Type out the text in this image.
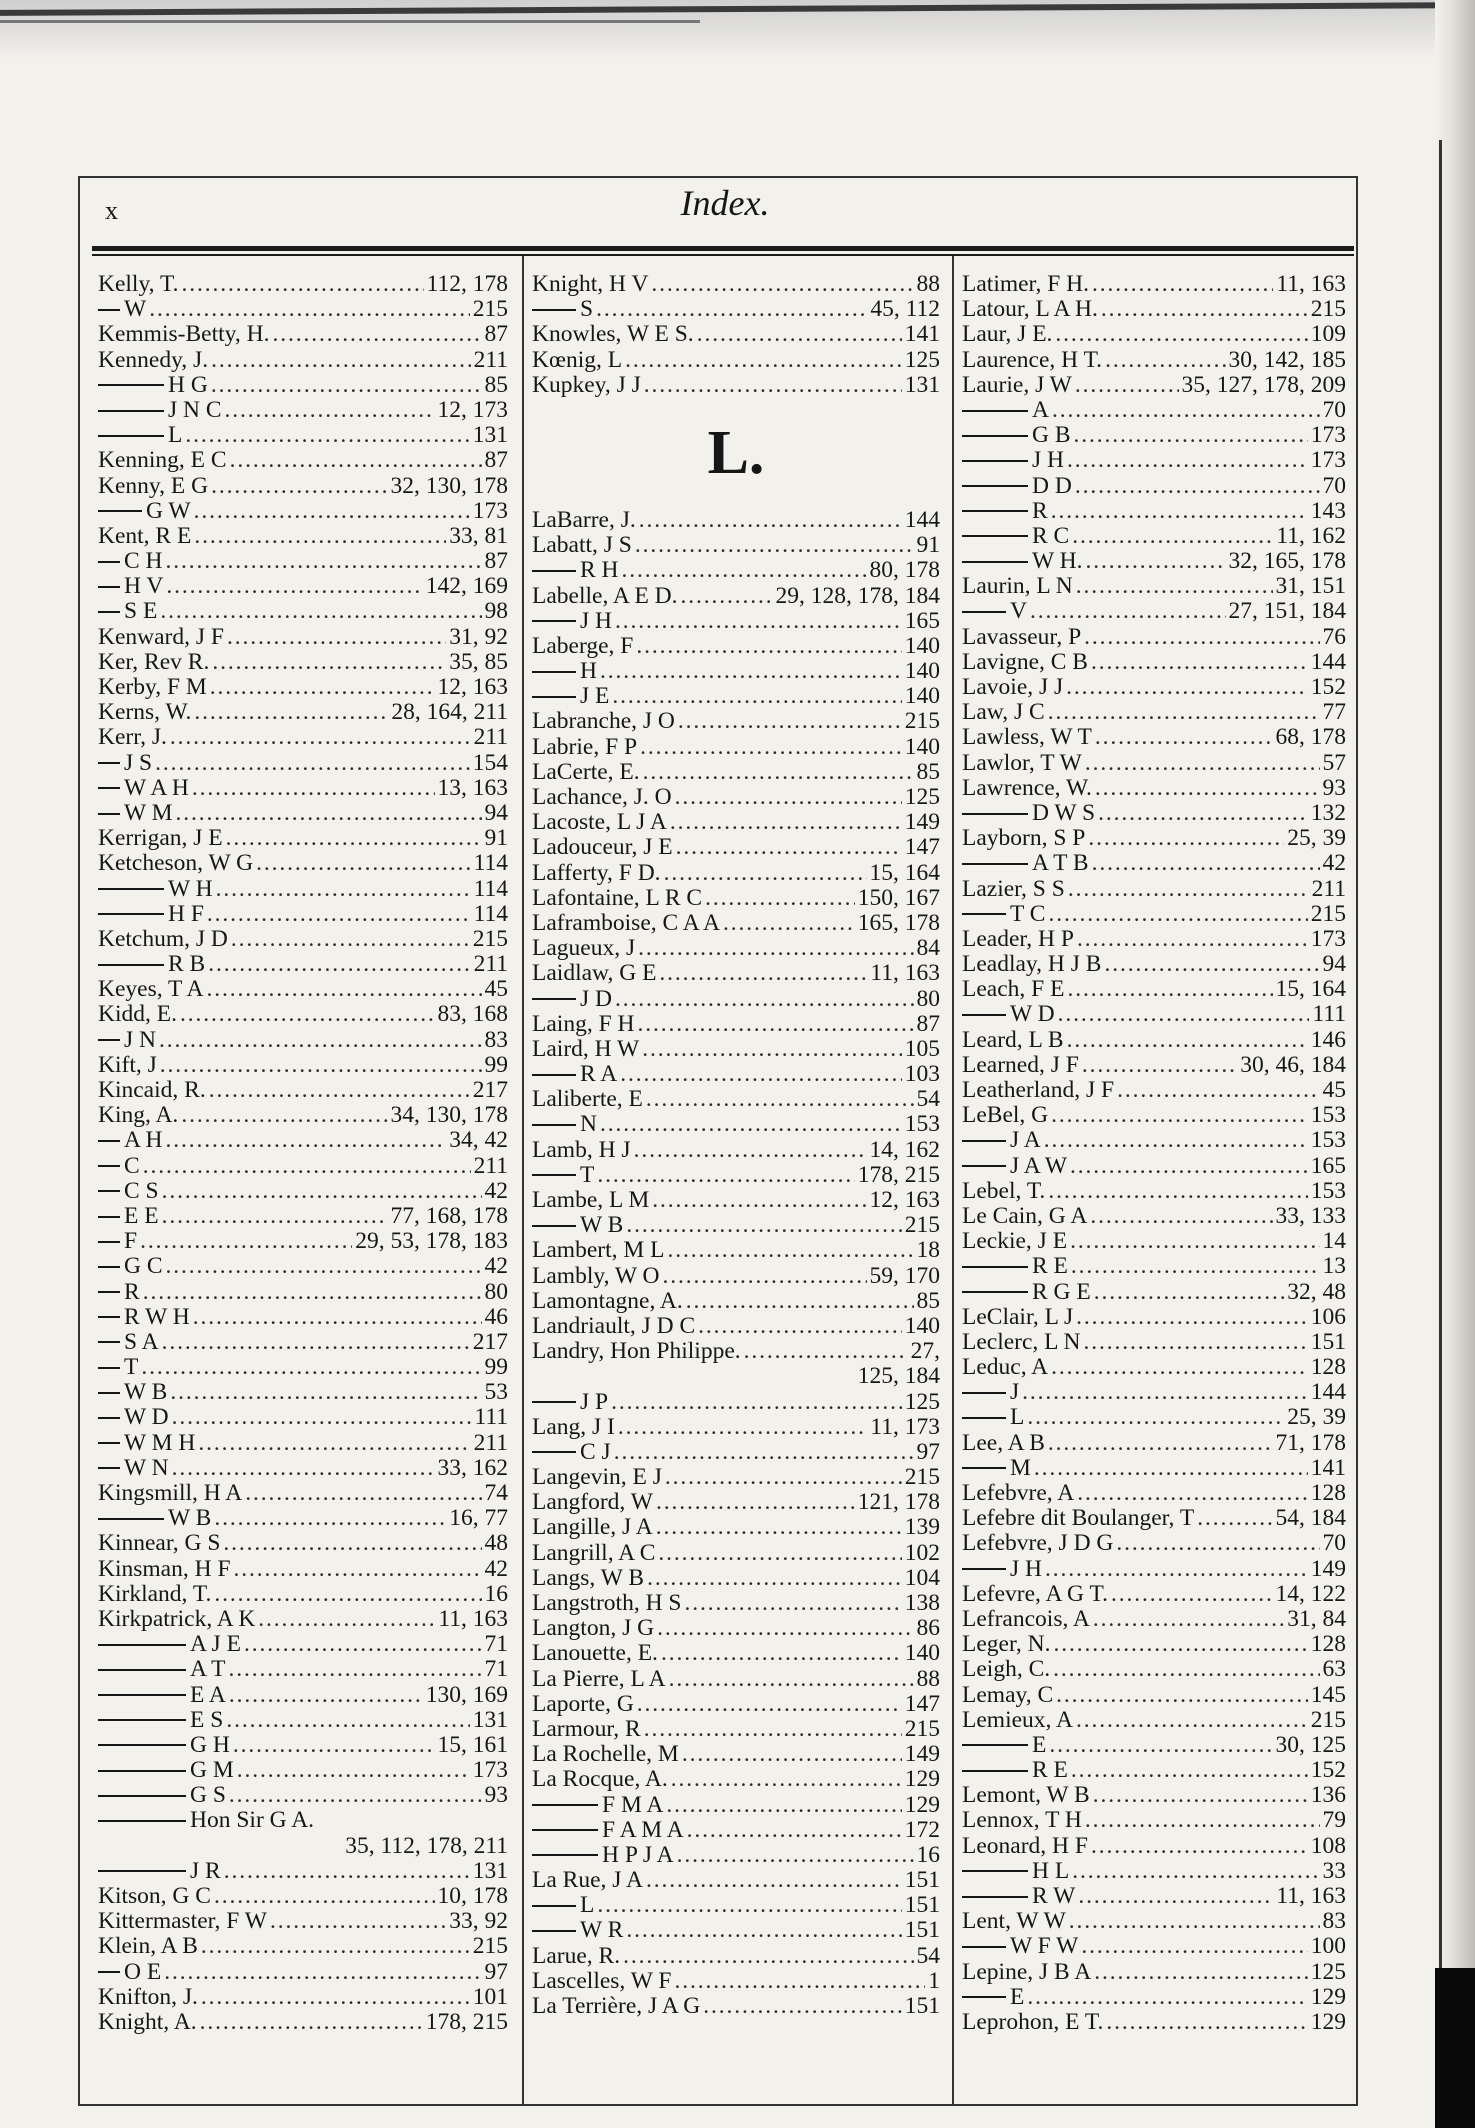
x	Index.
Kelly, T. . . .	112, 178
W . . .	215
Kemmis-Betty, H. . . .	87
Kennedy, J. . . .	211
H G . . .	85
J N C . . .	12, 173
L . . .	131
Kenning, E C . . .	87
Kenny, E G . . .	32, 130, 178
G W . . .	173
Kent, R E . . .	33, 81
C H . . .	87
H V . . .	142, 169
S E . . .	98
Kenward, J F . . .	31, 92
Ker, Rev R. . . .	35, 85
Kerby, F M . . .	12, 163
Kerns, W. . . .	28, 164, 211
Kerr, J. . . .	211
J S . . .	154
W A H . . .	13, 163
W M . . .	94
Kerrigan, J E . . .	91
Ketcheson, W G . . .	114
W H . . .	114
H F . . .	114
Ketchum, J D . . .	215
R B . . .	211
Keyes, T A . . .	45
Kidd, E. . . .	83, 168
J N . . .	83
Kift, J . . .	99
Kincaid, R. . . .	217
King, A. . . .	34, 130, 178
A H . . .	34, 42
C . . .	211
C S . . .	42
E E . . .	77, 168, 178
F . . .	29, 53, 178, 183
G C . . .	42
R . . .	80
R W H . . .	46
S A . . .	217
T . . .	99
W B . . .	53
W D . . .	111
W M H . . .	211
W N . . .	33, 162
Kingsmill, H A . . .	74
W B . . .	16, 77
Kinnear, G S . . .	48
Kinsman, H F . . .	42
Kirkland, T. . . .	16
Kirkpatrick, A K . . .	11, 163
A J E . . .	71
A T . . .	71
E A . . .	130, 169
E S . . .	131
G H . . .	15, 161
G M . . .	173
G S . . .	93
Hon Sir G A.
35, 112, 178, 211
J R . . .	131
Kitson, G C . . .	10, 178
Kittermaster, F W . . .	33, 92
Klein, A B . . .	215
O E . . .	97
Knifton, J. . . .	101
Knight, A. . . .	178, 215
Knight, H V . . .	88
S . . .	45, 112
Knowles, W E S. . . .	141
Kœnig, L . . .	125
Kupkey, J J . . .	131
L.
LaBarre, J. . . .	144
Labatt, J S . . .	91
R H . . .	80, 178
Labelle, A E D. . . .	29, 128, 178, 184
J H . . .	165
Laberge, F . . .	140
H . . .	140
J E . . .	140
Labranche, J O . . .	215
Labrie, F P . . .	140
LaCerte, E. . . .	85
Lachance, J. O . . .	125
Lacoste, L J A . . .	149
Ladouceur, J E . . .	147
Lafferty, F D. . . .	15, 164
Lafontaine, L R C . . .	150, 167
Laframboise, C A A . . .	165, 178
Lagueux, J . . .	84
Laidlaw, G E . . .	11, 163
J D . . .	80
Laing, F H . . .	87
Laird, H W . . .	105
R A . . .	103
Laliberte, E . . .	54
N . . .	153
Lamb, H J . . .	14, 162
T . . .	178, 215
Lambe, L M . . .	12, 163
W B . . .	215
Lambert, M L . . .	18
Lambly, W O . . .	59, 170
Lamontagne, A. . . .	85
Landriault, J D C . . .	140
Landry, Hon Philippe. . . .	27,
125, 184
J P . . .	125
Lang, J I . . .	11, 173
C J . . .	97
Langevin, E J . . .	215
Langford, W . . .	121, 178
Langille, J A . . .	139
Langrill, A C . . .	102
Langs, W B . . .	104
Langstroth, H S . . .	138
Langton, J G . . .	86
Lanouette, E. . . .	140
La Pierre, L A . . .	88
Laporte, G . . .	147
Larmour, R . . .	215
La Rochelle, M . . .	149
La Rocque, A. . . .	129
F M A . . .	129
F A M A . . .	172
H P J A . . .	16
La Rue, J A . . .	151
L . . .	151
W R . . .	151
Larue, R. . . .	54
Lascelles, W F . . .	1
La Terrière, J A G . . .	151
Latimer, F H. . . .	11, 163
Latour, L A H. . . .	215
Laur, J E. . . .	109
Laurence, H T. . . .	30, 142, 185
Laurie, J W . . .	35, 127, 178, 209
A . . .	70
G B . . .	173
J H . . .	173
D D . . .	70
R . . .	143
R C . . .	11, 162
W H. . . .	32, 165, 178
Laurin, L N . . .	31, 151
V . . .	27, 151, 184
Lavasseur, P . . .	76
Lavigne, C B . . .	144
Lavoie, J J . . .	152
Law, J C . . .	77
Lawless, W T . . .	68, 178
Lawlor, T W . . .	57
Lawrence, W. . . .	93
D W S . . .	132
Layborn, S P . . .	25, 39
A T B . . .	42
Lazier, S S . . .	211
T C . . .	215
Leader, H P . . .	173
Leadlay, H J B . . .	94
Leach, F E . . .	15, 164
W D . . .	111
Leard, L B . . .	146
Learned, J F . . .	30, 46, 184
Leatherland, J F . . .	45
LeBel, G . . .	153
J A . . .	153
J A W . . .	165
Lebel, T. . . .	153
Le Cain, G A . . .	33, 133
Leckie, J E . . .	14
R E . . .	13
R G E . . .	32, 48
LeClair, L J . . .	106
Leclerc, L N . . .	151
Leduc, A . . .	128
J . . .	144
L . . .	25, 39
Lee, A B . . .	71, 178
M . . .	141
Lefebvre, A . . .	128
Lefebre dit Boulanger, T . . .	54, 184
Lefebvre, J D G . . .	70
J H . . .	149
Lefevre, A G T. . . .	14, 122
Lefrancois, A . . .	31, 84
Leger, N. . . .	128
Leigh, C. . . .	63
Lemay, C . . .	145
Lemieux, A . . .	215
E . . .	30, 125
R E . . .	152
Lemont, W B . . .	136
Lennox, T H . . .	79
Leonard, H F . . .	108
H L . . .	33
R W . . .	11, 163
Lent, W W . . .	83
W F W . . .	100
Lepine, J B A . . .	125
E . . .	129
Leprohon, E T. . . .	129
